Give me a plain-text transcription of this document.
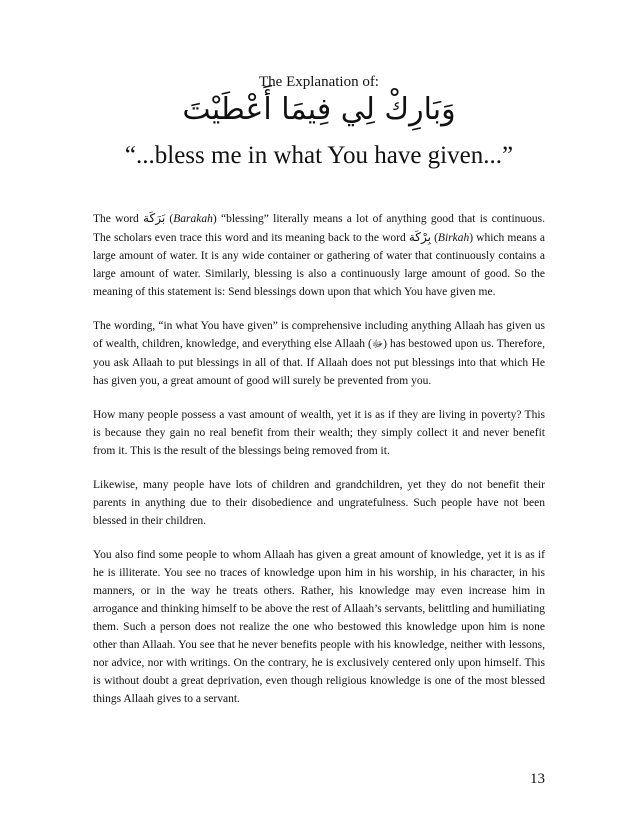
The Explanation of:
وَبَارِكْ لِي فِيمَا أَعْطَيْتَ
“...bless me in what You have given...”

The word بَرَكَة (Barakah) “blessing” literally means a lot of anything good that is continuous. The scholars even trace this word and its meaning back to the word بِرْكَة (Birkah) which means a large amount of water. It is any wide container or gathering of water that continuously contains a large amount of water. Similarly, blessing is also a continuously large amount of good. So the meaning of this statement is: Send blessings down upon that which You have given me.

The wording, “in what You have given” is comprehensive including anything Allaah has given us of wealth, children, knowledge, and everything else Allaah (ﷻ) has bestowed upon us. Therefore, you ask Allaah to put blessings in all of that. If Allaah does not put blessings into that which He has given you, a great amount of good will surely be prevented from you.

How many people possess a vast amount of wealth, yet it is as if they are living in poverty? This is because they gain no real benefit from their wealth; they simply collect it and never benefit from it. This is the result of the blessings being removed from it.

Likewise, many people have lots of children and grandchildren, yet they do not benefit their parents in anything due to their disobedience and ungratefulness. Such people have not been blessed in their children.

You also find some people to whom Allaah has given a great amount of knowledge, yet it is as if he is illiterate. You see no traces of knowledge upon him in his worship, in his character, in his manners, or in the way he treats others. Rather, his knowledge may even increase him in arrogance and thinking himself to be above the rest of Allaah’s servants, belittling and humiliating them. Such a person does not realize the one who bestowed this knowledge upon him is none other than Allaah. You see that he never benefits people with his knowledge, neither with lessons, nor advice, nor with writings. On the contrary, he is exclusively centered only upon himself. This is without doubt a great deprivation, even though religious knowledge is one of the most blessed things Allaah gives to a servant.

13
